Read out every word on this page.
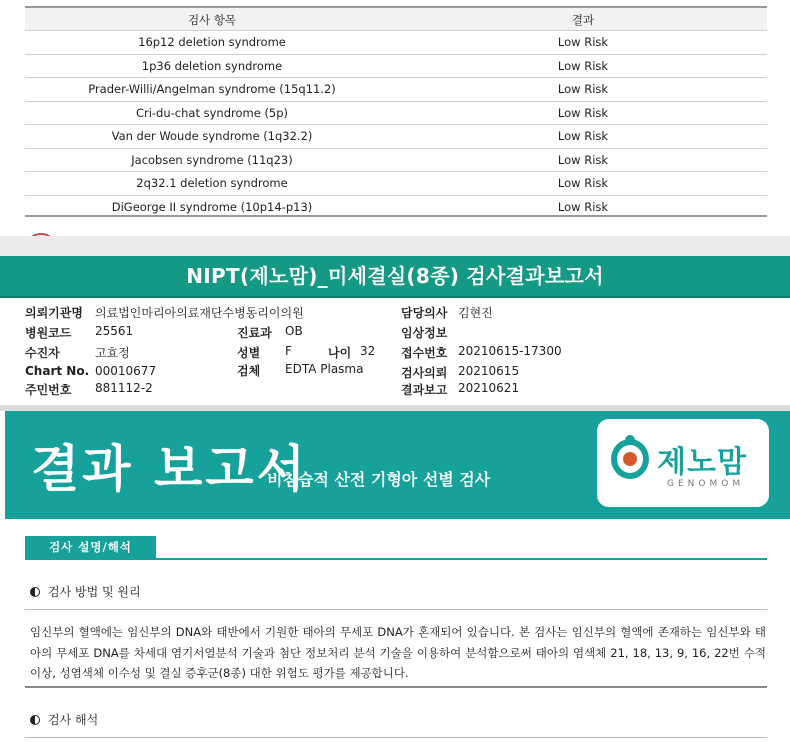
검사 항목	결과
16p12 deletion syndrome	Low Risk
1p36 deletion syndrome	Low Risk
Prader-Willi/Angelman syndrome (15q11.2)	Low Risk
Cri-du-chat syndrome (5p)	Low Risk
Van der Woude syndrome (1q32.2)	Low Risk
Jacobsen syndrome (11q23)	Low Risk
2q32.1 deletion syndrome	Low Risk
DiGeorge II syndrome (10p14-p13)	Low Risk
NIPT(제노맘)_미세결실(8종) 검사결과보고서
의뢰기관명 의료법인마리아의료재단수병동리이의원
병원코드 25561
수진자	고효정
Chart No. 00010677
주민번호 881112-2
진료과 OB
성별 F	나이 32
검체 EDTA Plasma
담당의사 김현진
임상정보
접수번호 20210615-17300
검사의뢰 20210615
결과보고 20210621
결과 보고서
비침습적 산전 기형아 선별 검사	제노맘
GENOMOM
검사 설명/해석
검사 방법 및 원리
임신부의 혈액에는 임신부의 DNA와 태반에서 기원한 태아의 무세포 DNA가 혼재되어 있습니다. 본 검사는 임신부의 혈액에 존재하는 임신부와 태아의 무세포 DNA를 차세대 염기서열분석 기술과 첨단 정보처리 분석 기술을 이용하여 분석함으로써 태아의 염색체 21, 18, 13, 9, 16, 22번 수적 이상, 성염색체 이수성 및 결실 증후군(8종) 대한 위험도 평가를 제공합니다.
검사 해석
